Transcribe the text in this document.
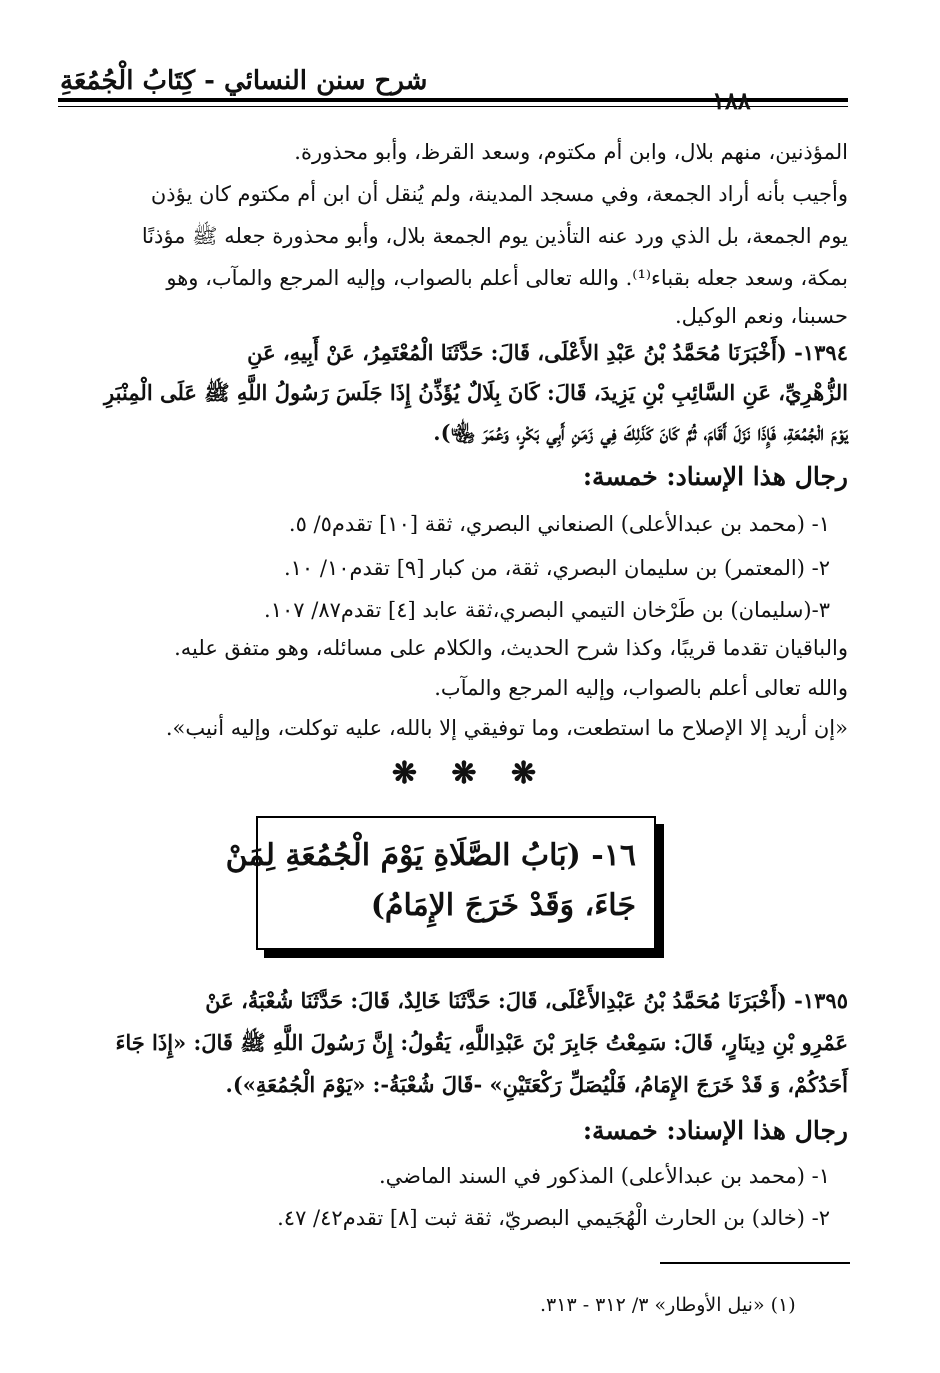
شرح سنن النسائي - كِتَابُ الْجُمُعَةِ
١٨٨
المؤذنين، منهم بلال، وابن أم مكتوم، وسعد القرظ، وأبو محذورة.
وأجيب بأنه أراد الجمعة، وفي مسجد المدينة، ولم يُنقل أن ابن أم مكتوم كان يؤذن
يوم الجمعة، بل الذي ورد عنه التأذين يوم الجمعة بلال، وأبو محذورة جعله ﷺ مؤذنًا
بمكة، وسعد جعله بقباء⁽¹⁾. والله تعالى أعلم بالصواب، وإليه المرجع والمآب، وهو
حسبنا، ونعم الوكيل.
١٣٩٤- (أَخْبَرَنَا مُحَمَّدُ بْنُ عَبْدِ الأَعْلَى، قَالَ: حَدَّثَنَا الْمُعْتَمِرُ، عَنْ أَبِيهِ، عَنِ
الزُّهْرِيِّ، عَنِ السَّائِبِ بْنِ يَزِيدَ، قَالَ: كَانَ بِلَالٌ يُؤَذِّنُ إِذَا جَلَسَ رَسُولُ اللَّهِ ﷺ عَلَى الْمِنْبَرِ
يَوْمَ الْجُمُعَةِ، فَإِذَا نَزَلَ أَقَامَ، ثُمَّ كَانَ كَذَلِكَ فِي زَمَنِ أَبِي بَكْرٍ، وَعُمَرَ ﵄).
رجال هذا الإسناد: خمسة:
١- (محمد بن عبدالأعلى) الصنعاني البصري، ثقة [١٠] تقدم٥/ ٥.
٢- (المعتمر) بن سليمان البصري، ثقة، من كبار [٩] تقدم١٠/ ١٠.
٣-(سليمان) بن طَرْخان التيمي البصري،ثقة عابد [٤] تقدم٨٧/ ١٠٧.
والباقيان تقدما قريبًا، وكذا شرح الحديث، والكلام على مسائله، وهو متفق عليه.
والله تعالى أعلم بالصواب، وإليه المرجع والمآب.
«إن أريد إلا الإصلاح ما استطعت، وما توفيقي إلا بالله، عليه توكلت، وإليه أنيب».
❋ ❋ ❋
١٦- (بَابُ الصَّلَاةِ يَوْمَ الْجُمُعَةِ لِمَنْ
جَاءَ، وَقَدْ خَرَجَ الإِمَامُ)
١٣٩٥- (أَخْبَرَنَا مُحَمَّدُ بْنُ عَبْدِالأَعْلَى، قَالَ: حَدَّثَنَا خَالِدٌ، قَالَ: حَدَّثَنَا شُعْبَةُ، عَنْ
عَمْرِو بْنِ دِينَارٍ، قَالَ: سَمِعْتُ جَابِرَ بْنَ عَبْدِاللَّهِ، يَقُولُ: إِنَّ رَسُولَ اللَّهِ ﷺ قَالَ: «إِذَا جَاءَ
أَحَدُكُمْ، وَ قَدْ خَرَجَ الإِمَامُ، فَلْيُصَلِّ رَكْعَتَيْنِ» -قَالَ شُعْبَةُ-: «يَوْمَ الْجُمُعَةِ»).
رجال هذا الإسناد: خمسة:
١- (محمد بن عبدالأعلى) المذكور في السند الماضي.
٢- (خالد) بن الحارث الْهُجَيمي البصريّ، ثقة ثبت [٨] تقدم٤٢/ ٤٧.
(١) «نيل الأوطار» ٣/ ٣١٢ - ٣١٣.
